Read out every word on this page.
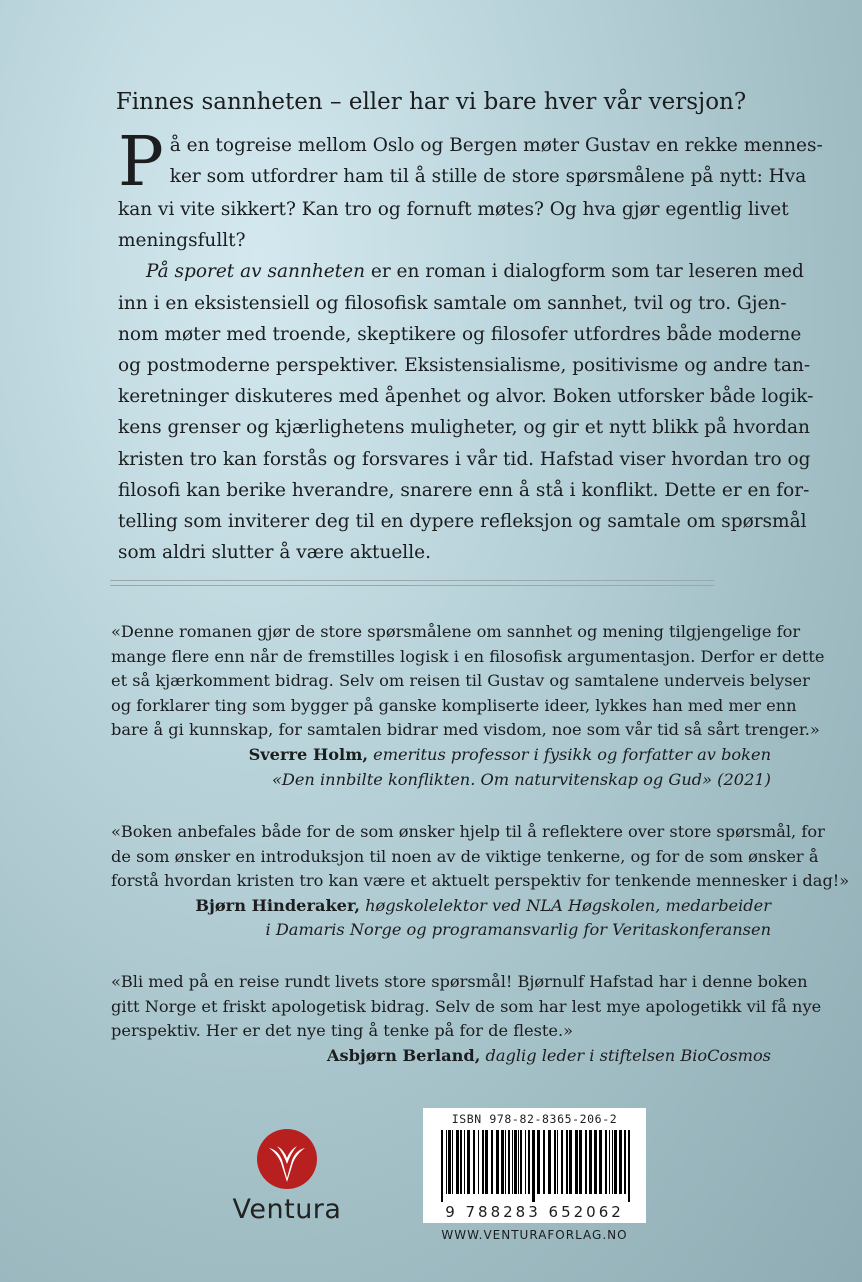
Finnes sannheten – eller har vi bare hver vår versjon?
P å en togreise mellom Oslo og Bergen møter Gustav en rekke mennes-
ker som utfordrer ham til å stille de store spørsmålene på nytt: Hva
kan vi vite sikkert? Kan tro og fornuft møtes? Og hva gjør egentlig livet
meningsfullt?
På sporet av sannheten er en roman i dialogform som tar leseren med
inn i en eksistensiell og filosofisk samtale om sannhet, tvil og tro. Gjen-
nom møter med troende, skeptikere og filosofer utfordres både moderne
og postmoderne perspektiver. Eksistensialisme, positivisme og andre tan-
keretninger diskuteres med åpenhet og alvor. Boken utforsker både logik-
kens grenser og kjærlighetens muligheter, og gir et nytt blikk på hvordan
kristen tro kan forstås og forsvares i vår tid. Hafstad viser hvordan tro og
filosofi kan berike hverandre, snarere enn å stå i konflikt. Dette er en for-
telling som inviterer deg til en dypere refleksjon og samtale om spørsmål
som aldri slutter å være aktuelle.
«Denne romanen gjør de store spørsmålene om sannhet og mening tilgjengelige for
mange flere enn når de fremstilles logisk i en filosofisk argumentasjon. Derfor er dette
et så kjærkomment bidrag. Selv om reisen til Gustav og samtalene underveis belyser
og forklarer ting som bygger på ganske kompliserte ideer, lykkes han med mer enn
bare å gi kunnskap, for samtalen bidrar med visdom, noe som vår tid så sårt trenger.»
Sverre Holm, emeritus professor i fysikk og forfatter av boken
«Den innbilte konflikten. Om naturvitenskap og Gud» (2021)
«Boken anbefales både for de som ønsker hjelp til å reflektere over store spørsmål, for
de som ønsker en introduksjon til noen av de viktige tenkerne, og for de som ønsker å
forstå hvordan kristen tro kan være et aktuelt perspektiv for tenkende mennesker i dag!»
Bjørn Hinderaker, høgskolelektor ved NLA Høgskolen, medarbeider
i Damaris Norge og programansvarlig for Veritaskonferansen
«Bli med på en reise rundt livets store spørsmål! Bjørnulf Hafstad har i denne boken
gitt Norge et friskt apologetisk bidrag. Selv de som har lest mye apologetikk vil få nye
perspektiv. Her er det nye ting å tenke på for de fleste.»
Asbjørn Berland, daglig leder i stiftelsen BioCosmos
Ventura
ISBN 978-82-8365-206-2
9 788283 652062
WWW.VENTURAFORLAG.NO
